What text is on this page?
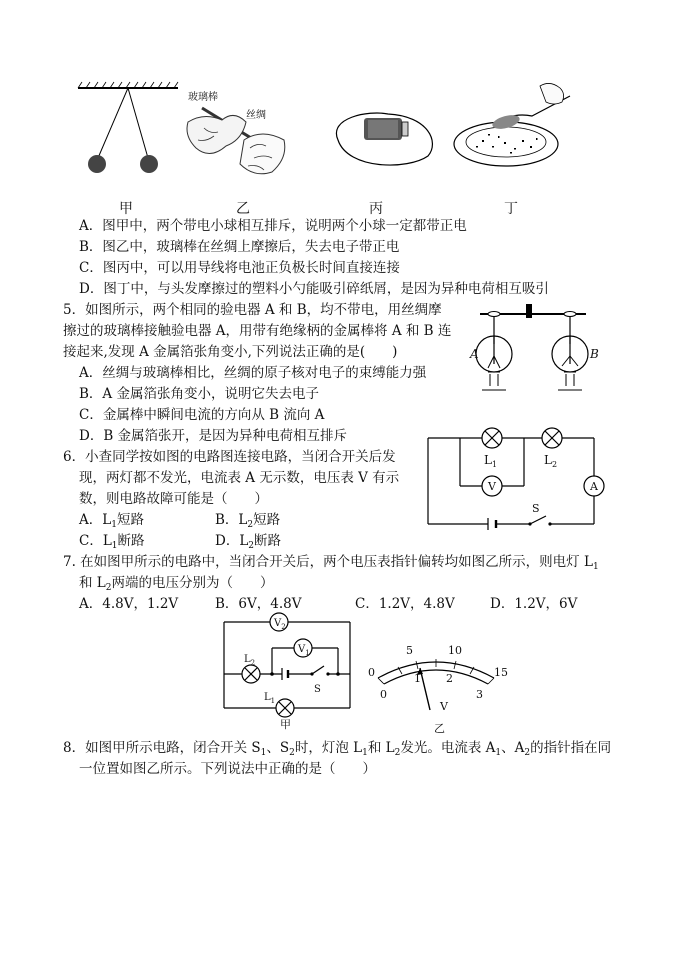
玻璃棒
丝绸
甲	乙	丙	丁
A．图甲中，两个带电小球相互排斥，说明两个小球一定都带正电
B．图乙中，玻璃棒在丝绸上摩擦后，失去电子带正电
C．图丙中，可以用导线将电池正负极长时间直接连接
D．图丁中，与头发摩擦过的塑料小勺能吸引碎纸屑，是因为异种电荷相互吸引
5．如图所示，两个相同的验电器 A 和 B，均不带电，用丝绸摩
擦过的玻璃棒接触验电器 A，用带有绝缘柄的金属棒将 A 和 B 连
接起来,发现 A 金属箔张角变小,下列说法正确的是(　　)
A．丝绸与玻璃棒相比，丝绸的原子核对电子的束缚能力强
B．A 金属箔张角变小，说明它失去电子
C．金属棒中瞬间电流的方向从 B 流向 A
D．B 金属箔张开，是因为异种电荷相互排斥
A	B
6．小查同学按如图的电路图连接电路，当闭合开关后发
现，两灯都不发光，电流表 A 无示数，电压表 V 有示
数，则电路故障可能是（　　）
A．$L_1$短路	B．$L_2$短路
C．$L_1$断路	D．$L_2$断路
$L_1$	$L_2$
V	A
S
7. 在如图甲所示的电路中，当闭合开关后，两个电压表指针偏转均如图乙所示，则电灯 $L_1$
和 $L_2$两端的电压分别为（　　）
A．4.8V，1.2V	B．6V，4.8V	C．1.2V，4.8V	D．1.2V，6V
$V_2$
$V_1$
$L_2$
$L_1$
S
甲
0
5	10
15
0
1 2
3
V
乙
8．如图甲所示电路，闭合开关 $S_1$、$S_2$时，灯泡 $L_1$和 $L_2$发光。电流表 $A_1$、$A_2$的指针指在同
一位置如图乙所示。下列说法中正确的是（　　）
